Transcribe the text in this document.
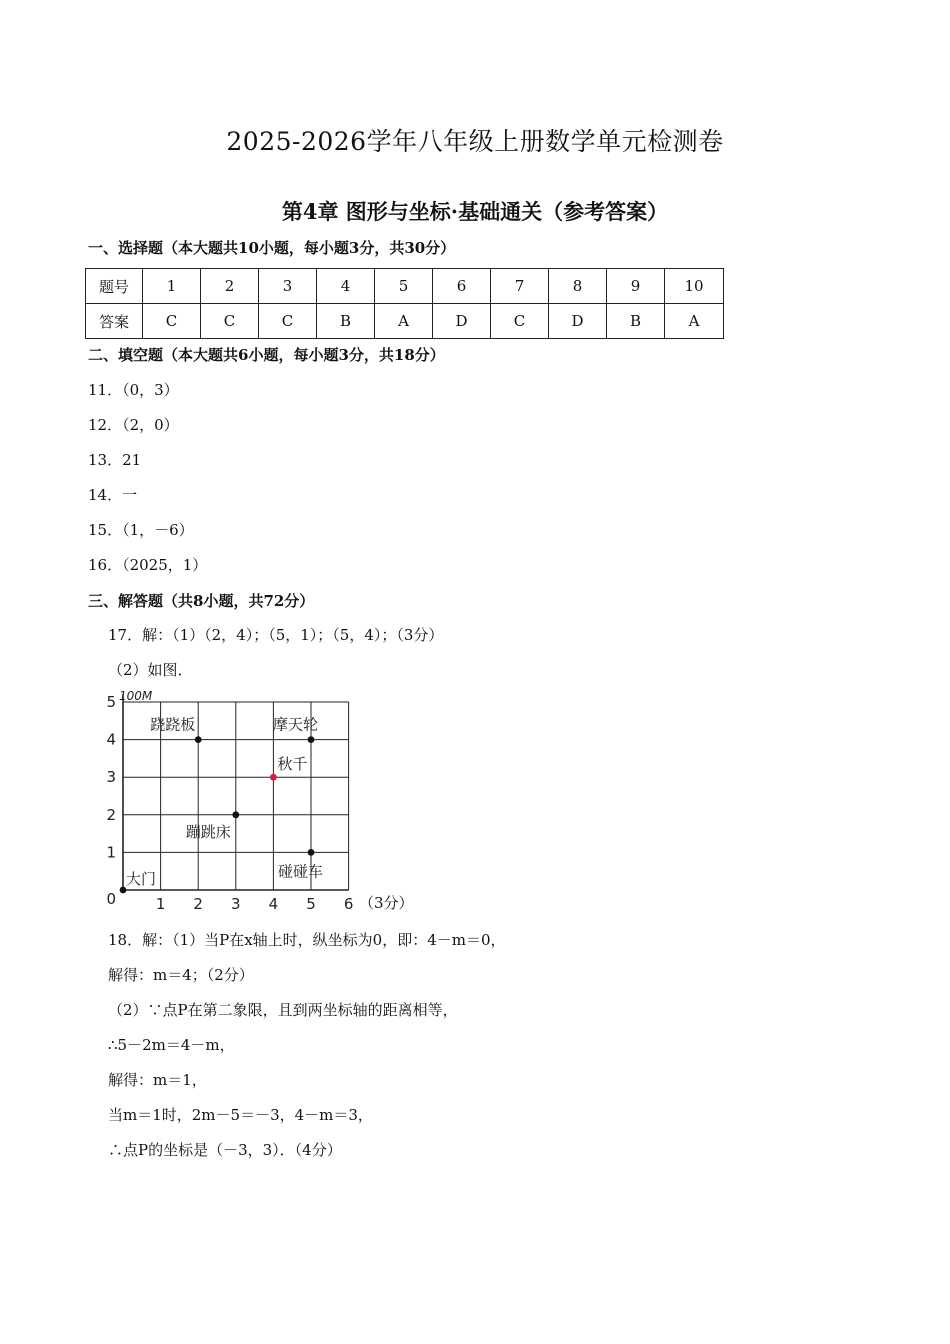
2025-2026学年八年级上册数学单元检测卷
第4章 图形与坐标·基础通关（参考答案）
一、选择题（本大题共10小题，每小题3分，共30分）
题号	1	2	3	4	5	6	7	8	9	10
答案	C	C	C	B	A	D	C	D	B	A
二、填空题（本大题共6小题，每小题3分，共18分）
11．（0，3）
12．（2，0）
13．21
14．一
15．（1，－6）
16．（2025，1）
三、解答题（共8小题，共72分）
17．解：（1）（2，4）；（5，1）；（5，4）；（3分）
（2）如图．
1 2 3 4 5 6
1
2
3
4
5
0
100M
大门
跷跷板	摩天轮
秋千
蹦跳床
碰碰车
（3分）
18．解：（1）当P在x轴上时，纵坐标为0，即：4－m＝0，
解得：m＝4；（2分）
（2）∵点P在第二象限，且到两坐标轴的距离相等，
∴5－2m＝4－m，
解得：m＝1，
当m＝1时，2m－5＝－3，4－m＝3，
∴点P的坐标是（－3，3）．（4分）
